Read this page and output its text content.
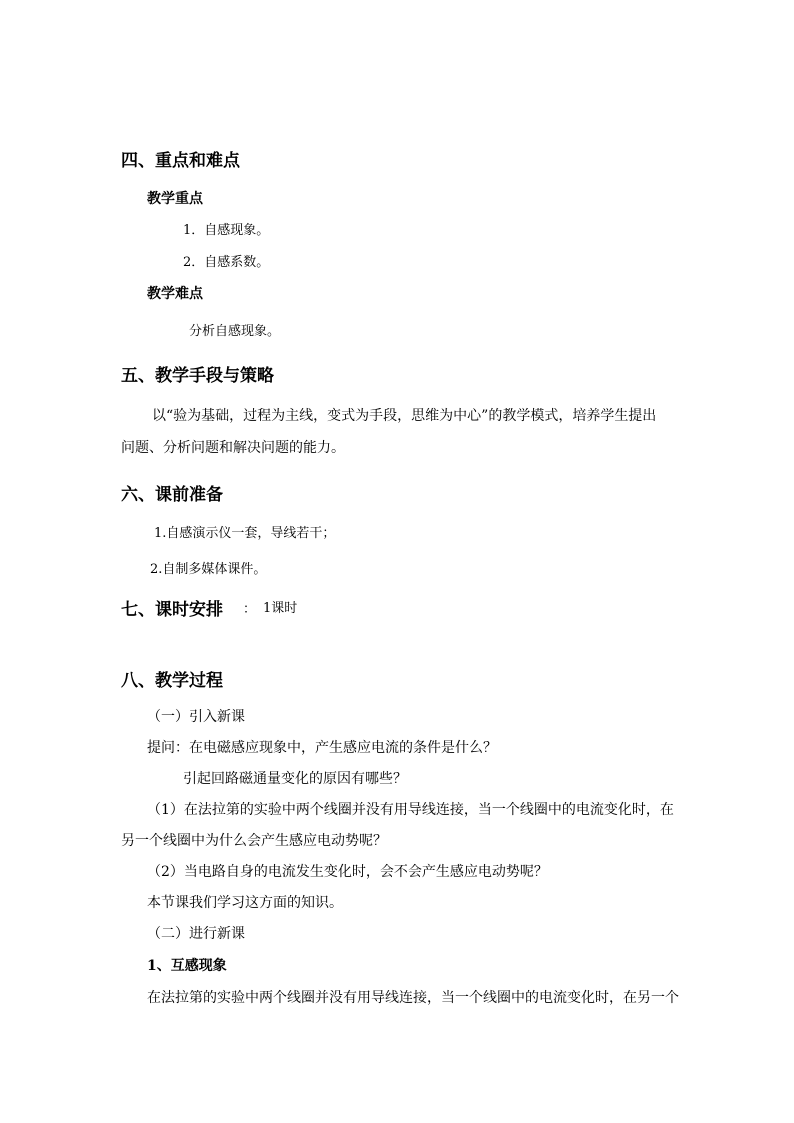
四、重点和难点
教学重点
1．自感现象。
2．自感系数。
教学难点
分析自感现象。
五、教学手段与策略
以“验为基础，过程为主线，变式为手段，思维为中心”的教学模式，培养学生提出
问题、分析问题和解决问题的能力。
六、课前准备
1.自感演示仪一套，导线若干；
2.自制多媒体课件。
七、课时安排 ： 1课时
八、教学过程
（一）引入新课
提问：在电磁感应现象中，产生感应电流的条件是什么？
引起回路磁通量变化的原因有哪些？
（1）在法拉第的实验中两个线圈并没有用导线连接，当一个线圈中的电流变化时，在
另一个线圈中为什么会产生感应电动势呢？
（2）当电路自身的电流发生变化时，会不会产生感应电动势呢？
本节课我们学习这方面的知识。
（二）进行新课
1、互感现象
在法拉第的实验中两个线圈并没有用导线连接，当一个线圈中的电流变化时，在另一个
